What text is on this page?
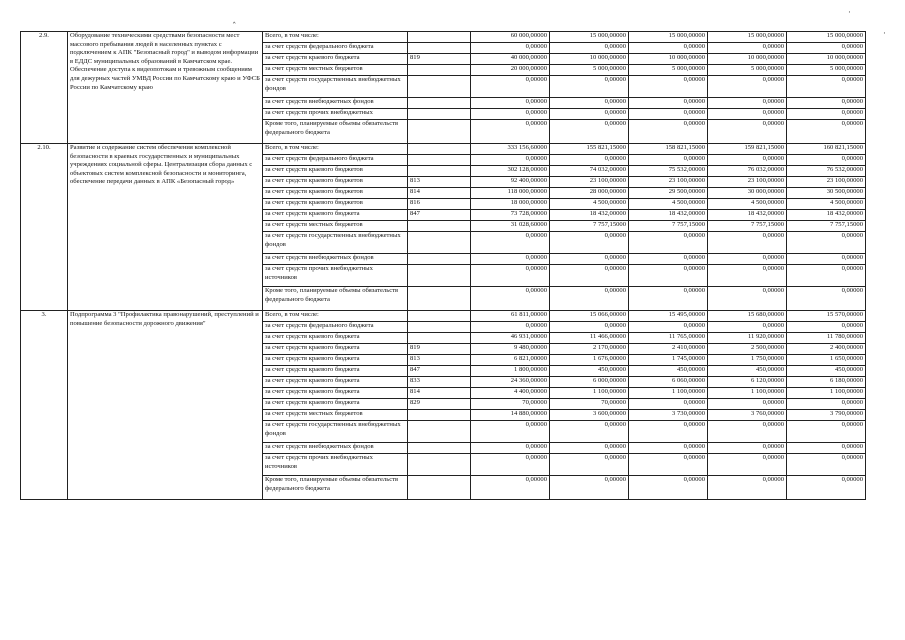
ˆ
·
·
2.9.	Оборудование техническими средствами безопасности мест массового пребывания людей в населенных пунктах с подключением к АПК "Безопасный город" и выводом информации в ЕДДС муниципальных образований в Камчатском крае. Обеспечение доступа к видеопотокам и тревожным сообщениям для дежурных частей УМВД России по Камчатскому краю и УФСБ России по Камчатскому краю	Всего, в том числе:		60 000,00000	15 000,00000	15 000,00000	15 000,00000	15 000,00000
		за счет средств федерального бюджета		0,00000	0,00000	0,00000	0,00000	0,00000
		за счет средств краевого бюджета	819	40 000,00000	10 000,00000	10 000,00000	10 000,00000	10 000,00000
		за счет средств местных бюджетов		20 000,00000	5 000,00000	5 000,00000	5 000,00000	5 000,00000
		за счет средств государственных внебюджетных фондов		0,00000	0,00000	0,00000	0,00000	0,00000
		за счет средств внебюджетных фондов		0,00000	0,00000	0,00000	0,00000	0,00000
		за счет средств прочих внебюджетных		0,00000	0,00000	0,00000	0,00000	0,00000
		Кроме того, планируемые объемы обязательств федерального бюджета		0,00000	0,00000	0,00000	0,00000	0,00000
2.10.	Развитие и содержание систем обеспечения комплексной безопасности в краевых государственных и муниципальных учреждениях социальной сферы. Централизация сбора данных с объектовых систем комплексной безопасности и мониторинга, обеспечение передачи данных в АПК «Безопасный город»	Всего, в том числе:		333 156,60000	155 821,15000	158 821,15000	159 821,15000	160 821,15000
		за счет средств федерального бюджета		0,00000	0,00000	0,00000	0,00000	0,00000
		за счет средств краевого бюджетов		302 128,00000	74 032,00000	75 532,00000	76 032,00000	76 532,00000
		за счет средств краевого бюджетов	813	92 400,00000	23 100,00000	23 100,00000	23 100,00000	23 100,00000
		за счет средств краевого бюджетов	814	118 000,00000	28 000,00000	29 500,00000	30 000,00000	30 500,00000
		за счет средств краевого бюджетов	816	18 000,00000	4 500,00000	4 500,00000	4 500,00000	4 500,00000
		за счет средств краевого бюджета	847	73 728,00000	18 432,00000	18 432,00000	18 432,00000	18 432,00000
		за счет средств местных бюджетов		31 028,60000	7 757,15000	7 757,15000	7 757,15000	7 757,15000
		за счет средств государственных внебюджетных фондов		0,00000	0,00000	0,00000	0,00000	0,00000
		за счет средств внебюджетных фондов		0,00000	0,00000	0,00000	0,00000	0,00000
		за счет средств прочих внебюджетных источников		0,00000	0,00000	0,00000	0,00000	0,00000
		Кроме того, планируемые объемы обязательств федерального бюджета		0,00000	0,00000	0,00000	0,00000	0,00000
3.	Подпрограмма 3 "Профилактика правонарушений, преступлений и повышение безопасности дорожного движения"	Всего, в том числе:		61 811,00000	15 066,00000	15 495,00000	15 680,00000	15 570,00000
		за счет средств федерального бюджета		0,00000	0,00000	0,00000	0,00000	0,00000
		за счет средств краевого бюджета		46 931,00000	11 466,00000	11 765,00000	11 920,00000	11 780,00000
		за счет средств краевого бюджета	819	9 480,00000	2 170,00000	2 410,00000	2 500,00000	2 400,00000
		за счет средств краевого бюджета	813	6 821,00000	1 676,00000	1 745,00000	1 750,00000	1 650,00000
		за счет средств краевого бюджета	847	1 800,00000	450,00000	450,00000	450,00000	450,00000
		за счет средств краевого бюджета	833	24 360,00000	6 000,00000	6 060,00000	6 120,00000	6 180,00000
		за счет средств краевого бюджета	814	4 400,00000	1 100,00000	1 100,00000	1 100,00000	1 100,00000
		за счет средств краевого бюджета	829	70,00000	70,00000	0,00000	0,00000	0,00000
		за счет средств местных бюджетов		14 880,00000	3 600,00000	3 730,00000	3 760,00000	3 790,00000
		за счет средств государственных внебюджетных фондов		0,00000	0,00000	0,00000	0,00000	0,00000
		за счет средств внебюджетных фондов		0,00000	0,00000	0,00000	0,00000	0,00000
		за счет средств прочих внебюджетных источников		0,00000	0,00000	0,00000	0,00000	0,00000
		Кроме того, планируемые объемы обязательств федерального бюджета		0,00000	0,00000	0,00000	0,00000	0,00000
